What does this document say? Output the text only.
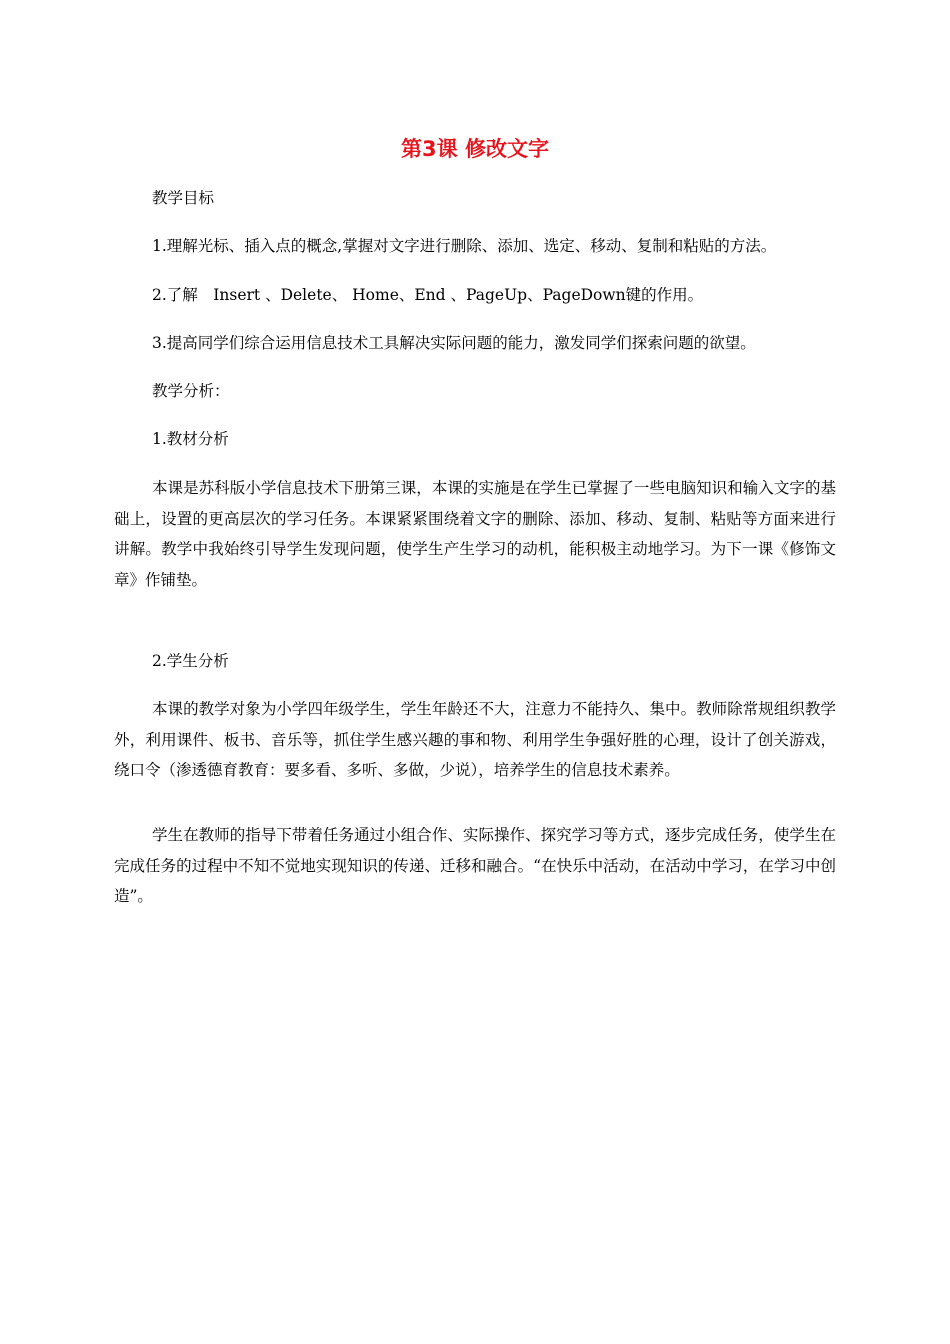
第3课 修改文字
教学目标
1.理解光标、插入点的概念,掌握对文字进行删除、添加、选定、移动、复制和粘贴的方法。
2.了解　Insert 、Delete、 Home、End 、PageUp、PageDown键的作用。
3.提高同学们综合运用信息技术工具解决实际问题的能力，激发同学们探索问题的欲望。
教学分析：
1.教材分析
本课是苏科版小学信息技术下册第三课，本课的实施是在学生已掌握了一些电脑知识和输入文字的基础上，设置的更高层次的学习任务。本课紧紧围绕着文字的删除、添加、移动、复制、粘贴等方面来进行讲解。教学中我始终引导学生发现问题，使学生产生学习的动机，能积极主动地学习。为下一课《修饰文章》作铺垫。
2.学生分析
本课的教学对象为小学四年级学生，学生年龄还不大，注意力不能持久、集中。教师除常规组织教学外，利用课件、板书、音乐等，抓住学生感兴趣的事和物、利用学生争强好胜的心理，设计了创关游戏，绕口令（渗透德育教育：要多看、多听、多做，少说），培养学生的信息技术素养。
学生在教师的指导下带着任务通过小组合作、实际操作、探究学习等方式，逐步完成任务，使学生在完成任务的过程中不知不觉地实现知识的传递、迁移和融合。“在快乐中活动，在活动中学习，在学习中创造”。
